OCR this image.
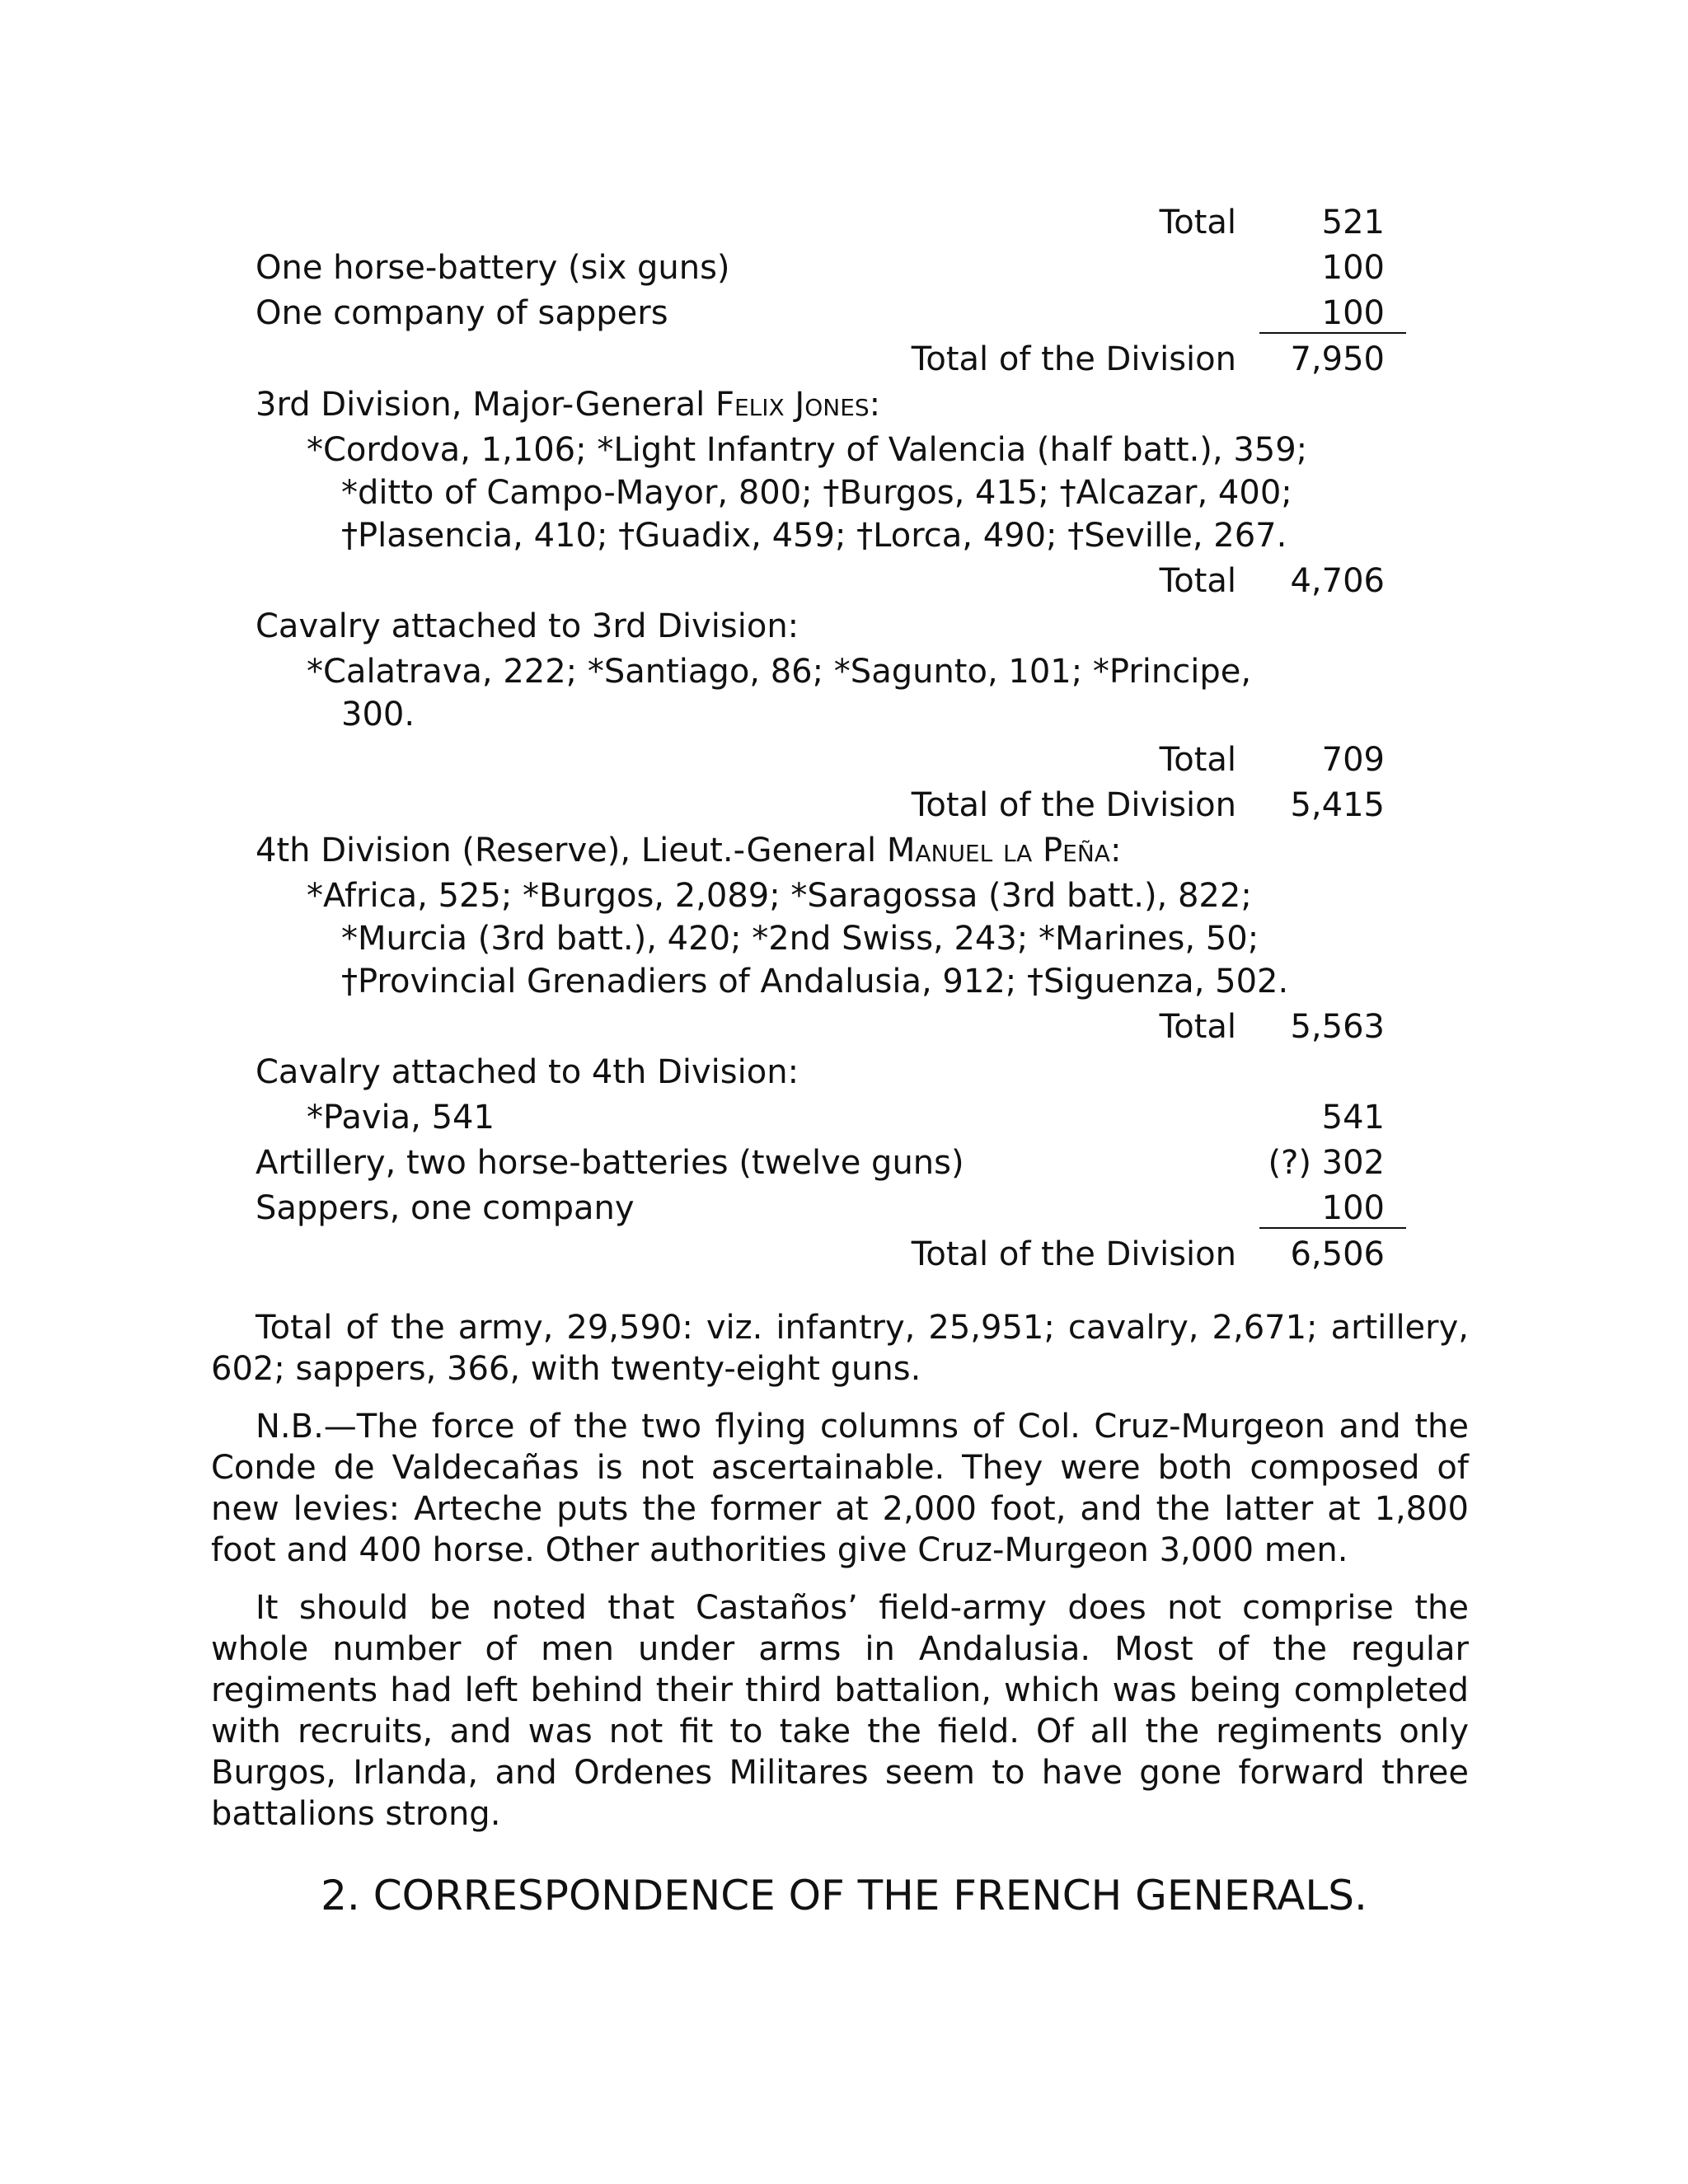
Total	521
One horse-battery (six guns)	100
One company of sappers	100
Total of the Division 7,950
3rd Division, Major-General Felix Jones:
*Cordova, 1,106; *Light Infantry of Valencia (half batt.), 359;
*ditto of Campo-Mayor, 800; †Burgos, 415; †Alcazar, 400;
†Plasencia, 410; †Guadix, 459; †Lorca, 490; †Seville, 267.
Total 4,706
Cavalry attached to 3rd Division:
*Calatrava, 222; *Santiago, 86; *Sagunto, 101; *Principe,
300.
Total	709
Total of the Division 5,415
4th Division (Reserve), Lieut.-General Manuel la Peña:
*Africa, 525; *Burgos, 2,089; *Saragossa (3rd batt.), 822;
*Murcia (3rd batt.), 420; *2nd Swiss, 243; *Marines, 50;
†Provincial Grenadiers of Andalusia, 912; †Siguenza, 502.
Total 5,563
Cavalry attached to 4th Division:
*Pavia, 541	541
Artillery, two horse-batteries (twelve guns)	(?) 302
Sappers, one company	100
Total of the Division 6,506

Total of the army, 29,590: viz. infantry, 25,951; cavalry, 2,671; artillery, 602; sappers, 366, with twenty-eight guns.

N.B.—The force of the two flying columns of Col. Cruz-Murgeon and the Conde de Valdecañas is not ascertainable. They were both composed of new levies: Arteche puts the former at 2,000 foot, and the latter at 1,800 foot and 400 horse. Other authorities give Cruz-Murgeon 3,000 men.

It should be noted that Castaños’ field-army does not comprise the whole number of men under arms in Andalusia. Most of the regular regiments had left behind their third battalion, which was being completed with recruits, and was not fit to take the field. Of all the regiments only Burgos, Irlanda, and Ordenes Militares seem to have gone forward three battalions strong.

2. CORRESPONDENCE OF THE FRENCH GENERALS.
